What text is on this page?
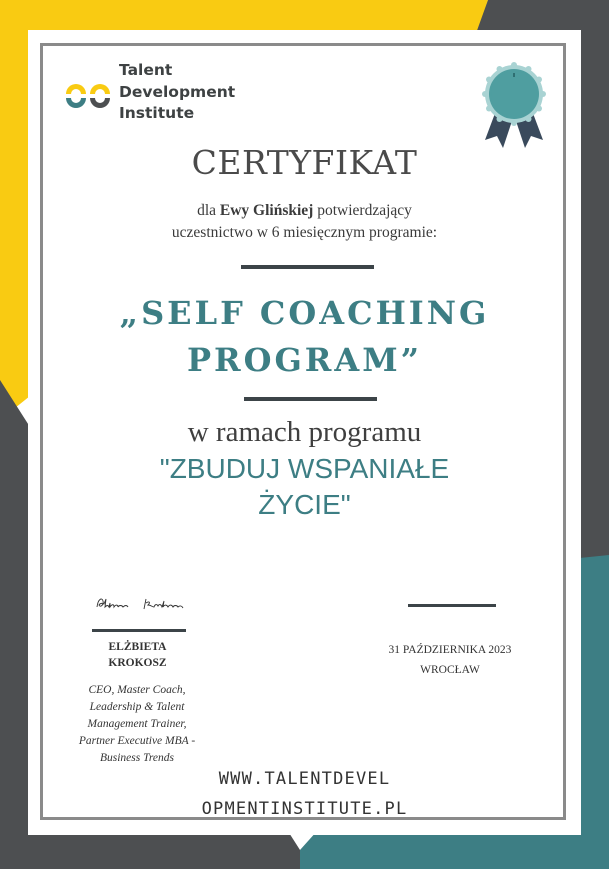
Talent
Development
Institute
CERTYFIKAT
dla Ewy Glińskiej potwierdzający
uczestnictwo w 6 miesięcznym programie:
„SELF COACHING
PROGRAM”
w ramach programu
"ZBUDUJ WSPANIAŁE
ŻYCIE"
ELŻBIETA
KROKOSZ
CEO, Master Coach,
Leadership & Talent
Management Trainer,
Partner Executive MBA -
Business Trends
31 PAŹDZIERNIKA 2023
WROCŁAW
WWW.TALENTDEVEL
OPMENTINSTITUTE.PL
